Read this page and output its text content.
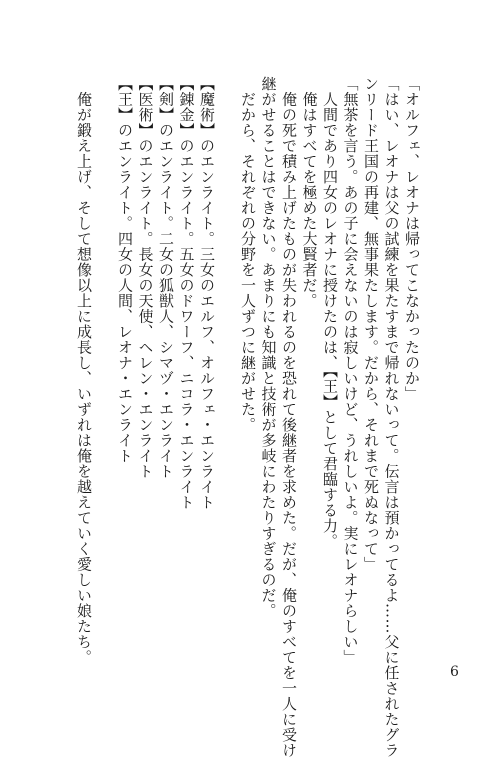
「オルフェ、レオナは帰ってこなかったのか」
「はい、レオナは父の試練を果たすまで帰れないって。伝言は預かってるよ……父に任されたグラ
ンリード王国の再建、無事果たします。だから、それまで死ぬなって」
「無茶を言う。あの子に会えないのは寂しいけど、うれしいよ。実にレオナらしい」
　人間であり四女のレオナに授けたのは、【王】として君臨する力。
　俺はすべてを極めた大賢者だ。
　俺の死で積み上げたものが失われるのを恐れて後継者を求めた。だが、俺のすべてを一人に受け
継がせることはできない。あまりにも知識と技術が多岐にわたりすぎるのだ。
　だから、それぞれの分野を一人ずつに継がせた。
【魔術】のエンライト。三女のエルフ、オルフェ・エンライト
【錬金】のエンライト。五女のドワーフ、ニコラ・エンライト
【剣】のエンライト。二女の狐獣人、シマヅ・エンライト
【医術】のエンライト。長女の天使、ヘレン・エンライト
【王】のエンライト。四女の人間、レオナ・エンライト
　俺が鍛え上げ、そして想像以上に成長し、いずれは俺を越えていく愛しい娘たち。
6
